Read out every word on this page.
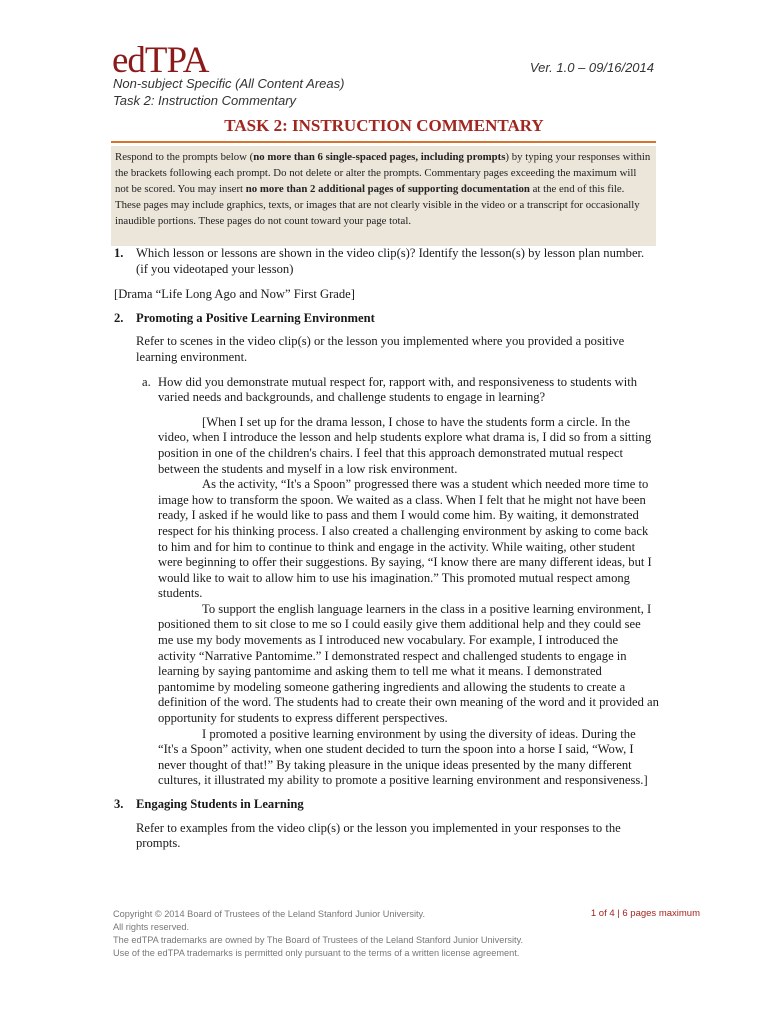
edTPA	Ver. 1.0 – 09/16/2014
Non-subject Specific (All Content Areas)
Task 2: Instruction Commentary
TASK 2: INSTRUCTION COMMENTARY
Respond to the prompts below (no more than 6 single-spaced pages, including prompts) by typing your responses within the brackets following each prompt. Do not delete or alter the prompts. Commentary pages exceeding the maximum will not be scored. You may insert no more than 2 additional pages of supporting documentation at the end of this file. These pages may include graphics, texts, or images that are not clearly visible in the video or a transcript for occasionally inaudible portions. These pages do not count toward your page total.
1. Which lesson or lessons are shown in the video clip(s)? Identify the lesson(s) by lesson plan number. (if you videotaped your lesson)

[Drama “Life Long Ago and Now” First Grade]

2. Promoting a Positive Learning Environment

Refer to scenes in the video clip(s) or the lesson you implemented where you provided a positive learning environment.

a. How did you demonstrate mutual respect for, rapport with, and responsiveness to students with varied needs and backgrounds, and challenge students to engage in learning?

[When I set up for the drama lesson, I chose to have the students form a circle. In the video, when I introduce the lesson and help students explore what drama is, I did so from a sitting position in one of the children's chairs. I feel that this approach demonstrated mutual respect between the students and myself in a low risk environment.

As the activity, “It's a Spoon” progressed there was a student which needed more time to image how to transform the spoon. We waited as a class. When I felt that he might not have been ready, I asked if he would like to pass and them I would come him. By waiting, it demonstrated respect for his thinking process. I also created a challenging environment by asking to come back to him and for him to continue to think and engage in the activity. While waiting, other student were beginning to offer their suggestions. By saying, “I know there are many different ideas, but I would like to wait to allow him to use his imagination.” This promoted mutual respect among students.

To support the english language learners in the class in a positive learning environment, I positioned them to sit close to me so I could easily give them additional help and they could see me use my body movements as I introduced new vocabulary. For example, I introduced the activity “Narrative Pantomime.” I demonstrated respect and challenged students to engage in learning by saying pantomime and asking them to tell me what it means. I demonstrated pantomime by modeling someone gathering ingredients and allowing the students to create a definition of the word. The students had to create their own meaning of the word and it provided an opportunity for students to express different perspectives.

I promoted a positive learning environment by using the diversity of ideas. During the “It's a Spoon” activity, when one student decided to turn the spoon into a horse I said, “Wow, I never thought of that!” By taking pleasure in the unique ideas presented by the many different cultures, it illustrated my ability to promote a positive learning environment and responsiveness.]

3. Engaging Students in Learning

Refer to examples from the video clip(s) or the lesson you implemented in your responses to the prompts.

Copyright © 2014 Board of Trustees of the Leland Stanford Junior University.
All rights reserved.
The edTPA trademarks are owned by The Board of Trustees of the Leland Stanford Junior University. Use of the edTPA trademarks is permitted only pursuant to the terms of a written license agreement.
1 of 4 | 6 pages maximum
